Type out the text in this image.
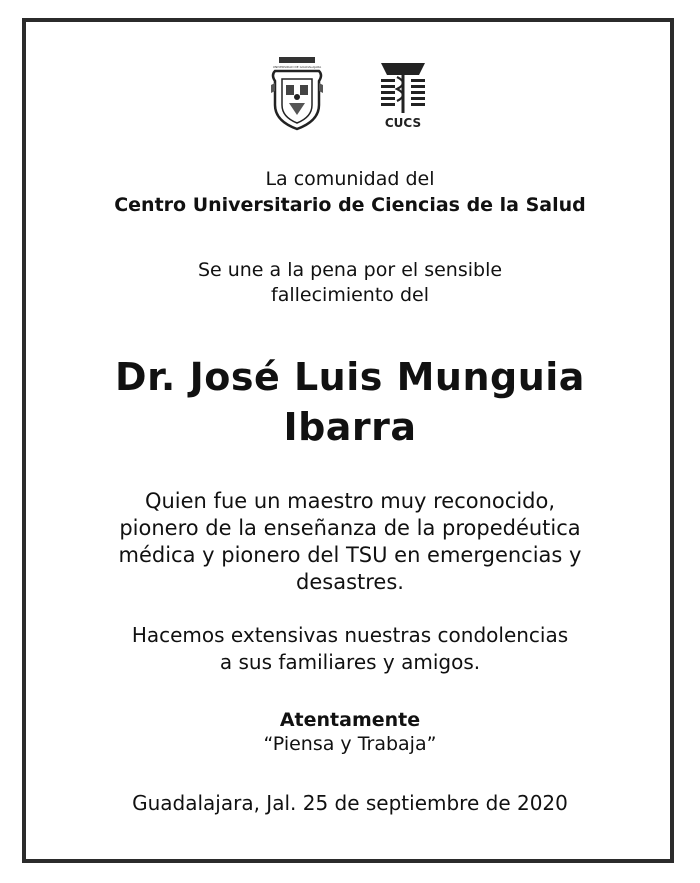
UNIVERSIDAD DE GUADALAJARA
CUCS
La comunidad del
Centro Universitario de Ciencias de la Salud
Se une a la pena por el sensible
fallecimiento del
Dr. José Luis Munguia
Ibarra
Quien fue un maestro muy reconocido,
pionero de la enseñanza de la propedéutica
médica y pionero del TSU en emergencias y
desastres.
Hacemos extensivas nuestras condolencias
a sus familiares y amigos.
Atentamente
“Piensa y Trabaja”
Guadalajara, Jal. 25 de septiembre de 2020
